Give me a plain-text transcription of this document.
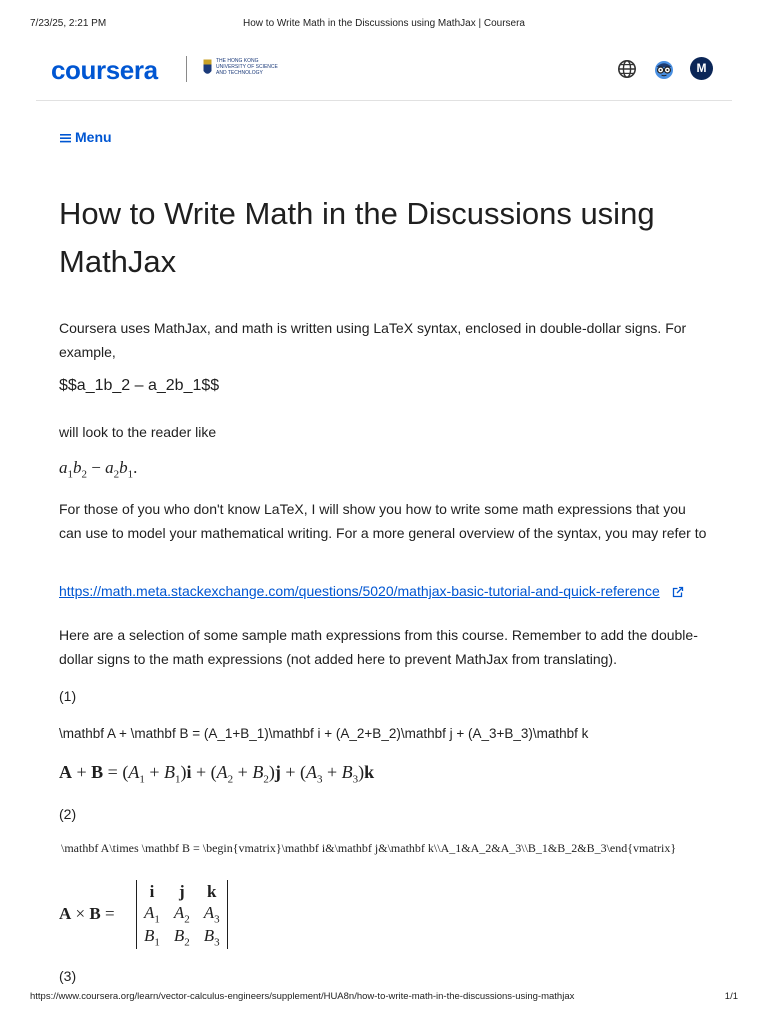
7/23/25, 2:21 PM	How to Write Math in the Discussions using MathJax | Coursera
coursera	THE HONG KONG
UNIVERSITY OF SCIENCE
AND TECHNOLOGY	M
Menu
How to Write Math in the Discussions using MathJax

Coursera uses MathJax, and math is written using LaTeX syntax, enclosed in double-dollar signs. For example,

$$a_1b_2 – a_2b_1$$

will look to the reader like

$a_1b_2 - a_2b_1$.

For those of you who don't know LaTeX, I will show you how to write some math expressions that you can use to model your mathematical writing. For a more general overview of the syntax, you may refer to

https://math.meta.stackexchange.com/questions/5020/mathjax-basic-tutorial-and-quick-reference

Here are a selection of some sample math expressions from this course. Remember to add the double-dollar signs to the math expressions (not added here to prevent MathJax from translating).

(1)

\mathbf A + \mathbf B = (A_1+B_1)\mathbf i + (A_2+B_2)\mathbf j + (A_3+B_3)\mathbf k

$A + B = (A_1 + B_1)i + (A_2 + B_2)j + (A_3 + B_3)k$

(2)

\mathbf A\times \mathbf B = \begin{vmatrix}\mathbf i&\mathbf j&\mathbf k\\A_1&A_2&A_3\\B_1&B_2&B_3\end{vmatrix}

A × B =
i	j	k
$A_1$	$A_2$	$A_3$
$B_1$	$B_2$	$B_3$

(3)

https://www.coursera.org/learn/vector-calculus-engineers/supplement/HUA8n/how-to-write-math-in-the-discussions-using-mathjax	1/1
